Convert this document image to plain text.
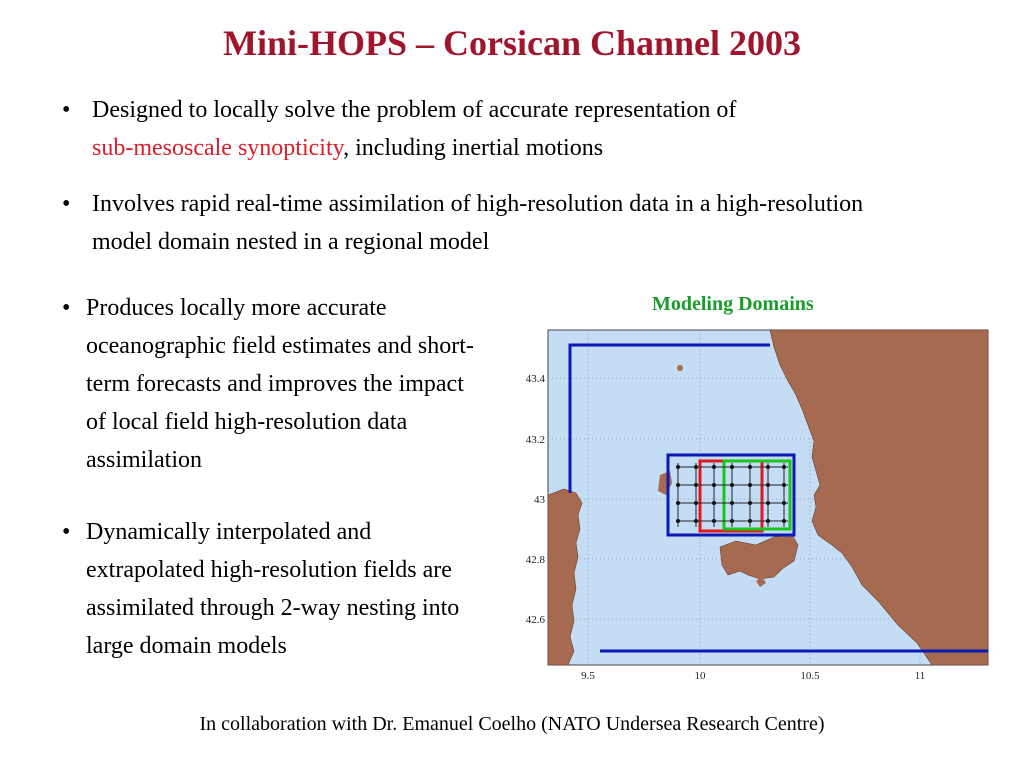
Mini-HOPS – Corsican Channel 2003
• Designed to locally solve the problem of accurate representation of
sub-mesoscale synopticity, including inertial motions
• Involves rapid real-time assimilation of high-resolution data in a high-resolution model domain nested in a regional model
• Produces locally more accurate oceanographic field estimates and short-term forecasts and improves the impact of local field high-resolution data assimilation
• Dynamically interpolated and extrapolated high-resolution fields are assimilated through 2-way nesting into large domain models
Modeling Domains
43.4
43.2
43
42.8
42.6
9.5	10	10.5	11
In collaboration with Dr. Emanuel Coelho (NATO Undersea Research Centre)
